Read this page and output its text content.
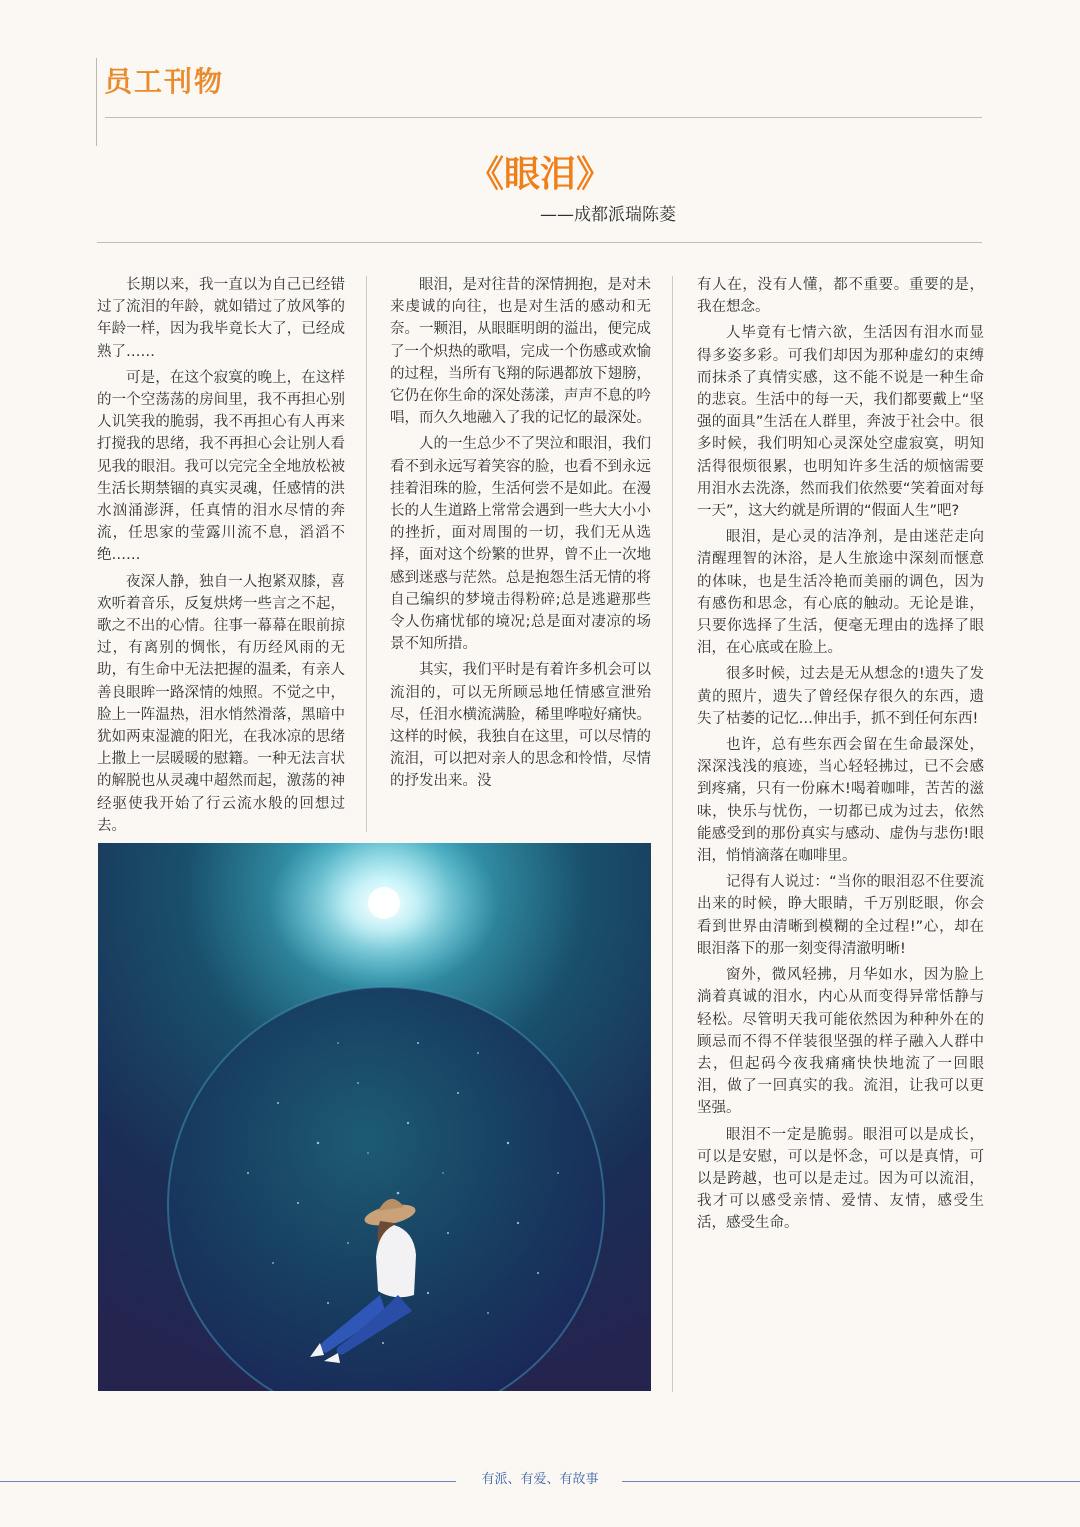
员工刊物
《眼泪》
——成都派瑞陈菱

长期以来，我一直以为自己已经错过了流泪的年龄，就如错过了放风筝的年龄一样，因为我毕竟长大了，已经成熟了……

可是，在这个寂寞的晚上，在这样的一个空荡荡的房间里，我不再担心别人讥笑我的脆弱，我不再担心有人再来打搅我的思绪，我不再担心会让别人看见我的眼泪。我可以完完全全地放松被生活长期禁锢的真实灵魂，任感情的洪水汹涌澎湃，任真情的泪水尽情的奔流，任思家的莹露川流不息，滔滔不绝……

夜深人静，独自一人抱紧双膝，喜欢听着音乐，反复烘烤一些言之不起，歌之不出的心情。往事一幕幕在眼前掠过，有离别的惆怅，有历经风雨的无助，有生命中无法把握的温柔，有亲人善良眼眸一路深情的烛照。不觉之中，脸上一阵温热，泪水悄然滑落，黑暗中犹如两束湿漉的阳光，在我冰凉的思绪上撒上一层暖暖的慰籍。一种无法言状的解脱也从灵魂中超然而起，激荡的神经驱使我开始了行云流水般的回想过去。

眼泪，是对往昔的深情拥抱，是对未来虔诚的向往，也是对生活的感动和无奈。一颗泪，从眼眶明朗的溢出，便完成了一个炽热的歌唱，完成一个伤感或欢愉的过程，当所有飞翔的际遇都放下翅膀，它仍在你生命的深处荡漾，声声不息的吟唱，而久久地融入了我的记忆的最深处。

人的一生总少不了哭泣和眼泪，我们看不到永远写着笑容的脸，也看不到永远挂着泪珠的脸，生活何尝不是如此。在漫长的人生道路上常常会遇到一些大大小小的挫折，面对周围的一切，我们无从选择，面对这个纷繁的世界，曾不止一次地感到迷惑与茫然。总是抱怨生活无情的将自己编织的梦境击得粉碎;总是逃避那些令人伤痛忧郁的境况;总是面对凄凉的场景不知所措。

其实，我们平时是有着许多机会可以流泪的，可以无所顾忌地任情感宣泄殆尽，任泪水横流满脸，稀里哗啦好痛快。这样的时候，我独自在这里，可以尽情的流泪，可以把对亲人的思念和怜惜，尽情的抒发出来。没

有人在，没有人懂，都不重要。重要的是，我在想念。

人毕竟有七情六欲，生活因有泪水而显得多姿多彩。可我们却因为那种虚幻的束缚而抹杀了真情实感，这不能不说是一种生命的悲哀。生活中的每一天，我们都要戴上“坚强的面具”生活在人群里，奔波于社会中。很多时候，我们明知心灵深处空虚寂寞，明知活得很烦很累，也明知许多生活的烦恼需要用泪水去洗涤，然而我们依然要“笑着面对每一天”，这大约就是所谓的“假面人生”吧?

眼泪，是心灵的洁净剂，是由迷茫走向清醒理智的沐浴，是人生旅途中深刻而惬意的体味，也是生活冷艳而美丽的调色，因为有感伤和思念，有心底的触动。无论是谁，只要你选择了生活，便毫无理由的选择了眼泪，在心底或在脸上。

很多时候，过去是无从想念的!遗失了发黄的照片，遗失了曾经保存很久的东西，遗失了枯萎的记忆…伸出手，抓不到任何东西!

也许，总有些东西会留在生命最深处，深深浅浅的痕迹，当心轻轻拂过，已不会感到疼痛，只有一份麻木!喝着咖啡，苦苦的滋味，快乐与忧伤，一切都已成为过去，依然能感受到的那份真实与感动、虚伪与悲伤!眼泪，悄悄滴落在咖啡里。

记得有人说过：“当你的眼泪忍不住要流出来的时候，睁大眼睛，千万别眨眼，你会看到世界由清晰到模糊的全过程!”心，却在眼泪落下的那一刻变得清澈明晰!

窗外，微风轻拂，月华如水，因为脸上淌着真诚的泪水，内心从而变得异常恬静与轻松。尽管明天我可能依然因为种种外在的顾忌而不得不佯装很坚强的样子融入人群中去，但起码今夜我痛痛快快地流了一回眼泪，做了一回真实的我。流泪，让我可以更坚强。

眼泪不一定是脆弱。眼泪可以是成长，可以是安慰，可以是怀念，可以是真情，可以是跨越，也可以是走过。因为可以流泪，我才可以感受亲情、爱情、友情，感受生活，感受生命。

有派、有爱、有故事
